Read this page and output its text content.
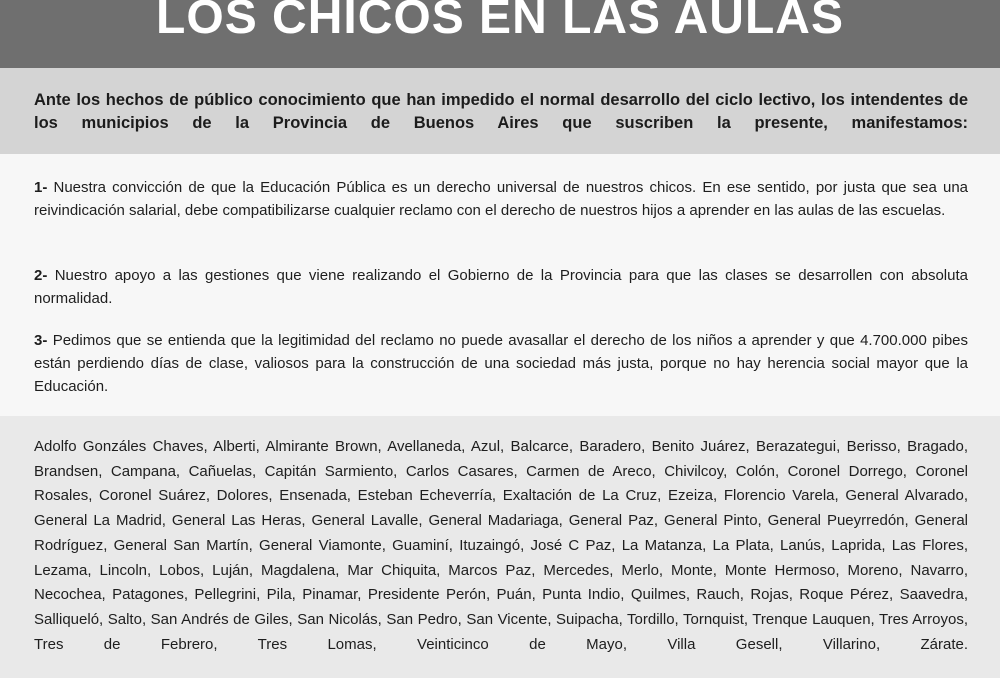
LOS CHICOS EN LAS AULAS
Ante los hechos de público conocimiento que han impedido el normal desarrollo del ciclo lectivo, los intendentes de los municipios de la Provincia de Buenos Aires que suscriben la presente, manifestamos:
1- Nuestra convicción de que la Educación Pública es un derecho universal de nuestros chicos. En ese sentido, por justa que sea una reivindicación salarial, debe compatibilizarse cualquier reclamo con el derecho de nuestros hijos a aprender en las aulas de las escuelas.
2- Nuestro apoyo a las gestiones que viene realizando el Gobierno de la Provincia para que las clases se desarrollen con absoluta normalidad.
3- Pedimos que se entienda que la legitimidad del reclamo no puede avasallar el derecho de los niños a aprender y que 4.700.000 pibes están perdiendo días de clase, valiosos para la construcción de una sociedad más justa, porque no hay herencia social mayor que la Educación.
Adolfo Gonzáles Chaves, Alberti, Almirante Brown, Avellaneda, Azul, Balcarce, Baradero, Benito Juárez, Berazategui, Berisso, Bragado, Brandsen, Campana, Cañuelas, Capitán Sarmiento, Carlos Casares, Carmen de Areco, Chivilcoy, Colón, Coronel Dorrego, Coronel Rosales, Coronel Suárez, Dolores, Ensenada, Esteban Echeverría, Exaltación de La Cruz, Ezeiza, Florencio Varela, General Alvarado, General La Madrid, General Las Heras, General Lavalle, General Madariaga, General Paz, General Pinto, General Pueyrredón, General Rodríguez, General San Martín, General Viamonte, Guaminí, Ituzaingó, José C Paz, La Matanza, La Plata, Lanús, Laprida, Las Flores, Lezama, Lincoln, Lobos, Luján, Magdalena, Mar Chiquita, Marcos Paz, Mercedes, Merlo, Monte, Monte Hermoso, Moreno, Navarro, Necochea, Patagones, Pellegrini, Pila, Pinamar, Presidente Perón, Puán, Punta Indio, Quilmes, Rauch, Rojas, Roque Pérez, Saavedra, Salliqueló, Salto, San Andrés de Giles, San Nicolás, San Pedro, San Vicente, Suipacha, Tordillo, Tornquist, Trenque Lauquen, Tres Arroyos, Tres de Febrero, Tres Lomas, Veinticinco de Mayo, Villa Gesell, Villarino, Zárate.
